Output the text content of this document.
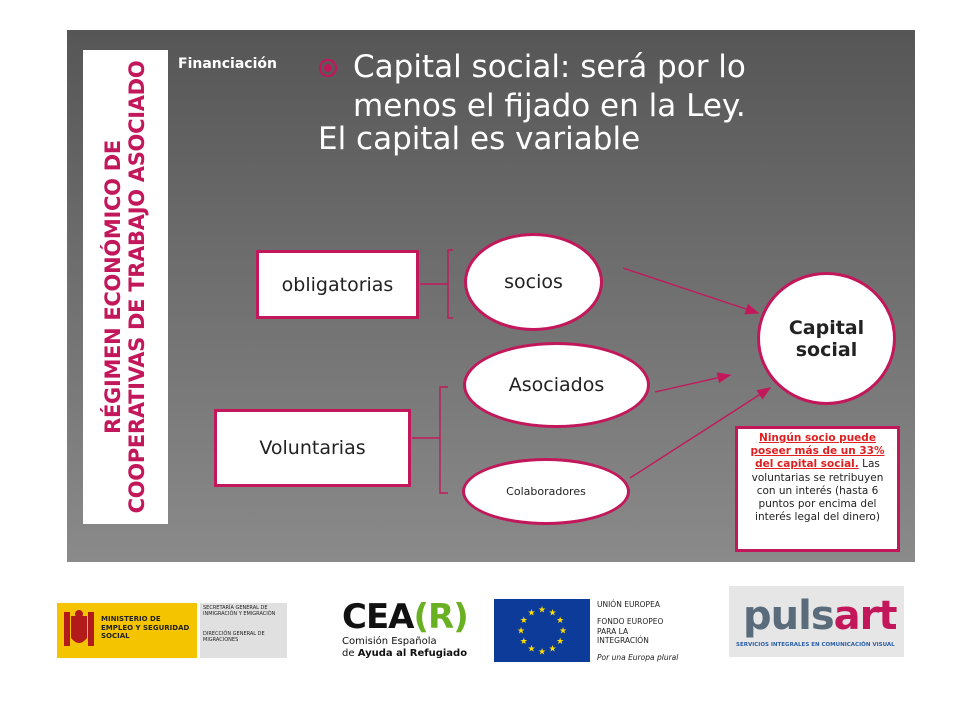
RÉGIMEN ECONÓMICO DE COOPERATIVAS DE TRABAJO ASOCIADO Financiación Capital social: será por lo menos el fijado en la Ley.
El capital es variable
obligatorias
Voluntarias
socios
Asociados
Colaboradores
Capital social
Ningún socio puede poseer más de un 33% del capital social. Las voluntarias se retribuyen con un interés (hasta 6 puntos por encima del interés legal del dinero)
MINISTERIO DE EMPLEO Y SEGURIDAD SOCIAL
SECRETARÍA GENERAL DE INMIGRACIÓN Y EMIGRACIÓN
DIRECCIÓN GENERAL DE MIGRACIONES
CEA(R)
Comisión Española
de Ayuda al Refugiado
★ ★
★
★
★
★
★
★
★
★
★
★
UNIÓN EUROPEA
FONDO EUROPEO PARA LA INTEGRACIÓN
Por una Europa plural
pulsart
SERVICIOS INTEGRALES EN COMUNICACIÓN VISUAL
